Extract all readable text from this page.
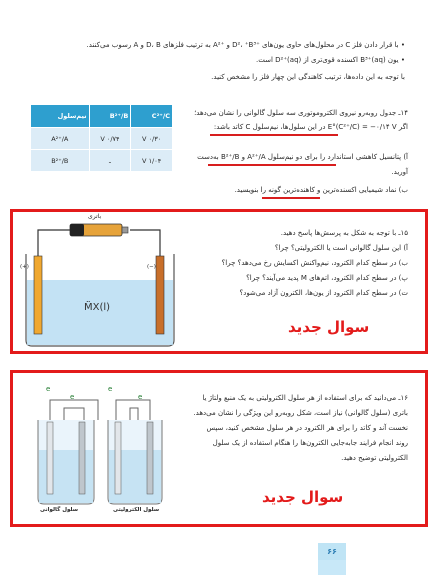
• با قرار دادن فلز C در محلول‌های حاوی یون‌های ⁺D²، ⁺B³ و ⁺A² به ترتیب فلزهای D، B و A رسوب می‌کنند.
• یون (B³⁺(aq اکسنده قوی‌تری از (D²⁺(aq است.
با توجه به این داده‌ها، ترتیب کاهندگی این چهار فلز را مشخص کنید.
۱۴ـ جدول روبه‌رو نیروی الکتروموتوری سه سلول گالوانی را نشان می‌دهد؛
اگر E°(C²⁺/C) = −۰/۱۴ V در این سلول‌ها، نیم‌سلول C کاتد باشد:
آ) پتانسیل کاهشی استاندارد را برای دو نیم‌سلول A²⁺/A و B²⁺/B به‌دست
آورید.
ب) نماد شیمیایی اکسنده‌ترین و کاهنده‌ترین گونه را بنویسید.
C²⁺/C	B²⁺/B	نیم‌سلول
۰/۳۰ V	۰/۷۴ V	A²⁺/A
۱/۰۴ V	ـ	B²⁺/B
باتری
(+)	(−)
M̈X(l)
۱۵ـ با توجه به شکل به پرسش‌ها پاسخ دهید.
آ) این سلول گالوانی است یا الکترولیتی؟ چرا؟
ب) در سطح کدام الکترود، نیم‌واکنش اکسایش رخ می‌دهد؟ چرا؟
پ) در سطح کدام الکترود، اتم‌های M پدید می‌آیند؟ چرا؟
ت) در سطح کدام الکترود از یون‌ها، الکترون آزاد می‌شود؟
سوال جدید
e
e
e
e
سلول گالوانی	سلول الکترولیتی
۱۶ـ می‌دانید که برای استفاده از هر سلول الکترولیتی به یک منبع ولتاژ یا
باتری (سلول گالوانی) نیاز است، شکل روبه‌رو این ویژگی را نشان می‌دهد.
نخست آند و کاتد را برای هر الکترود در هر سلول مشخص کنید، سپس
روند انجام فرایند جابه‌جایی الکترون‌ها را هنگام استفاده از یک سلول
الکترولیتی توضیح دهید.
سوال جدید
۶۶
